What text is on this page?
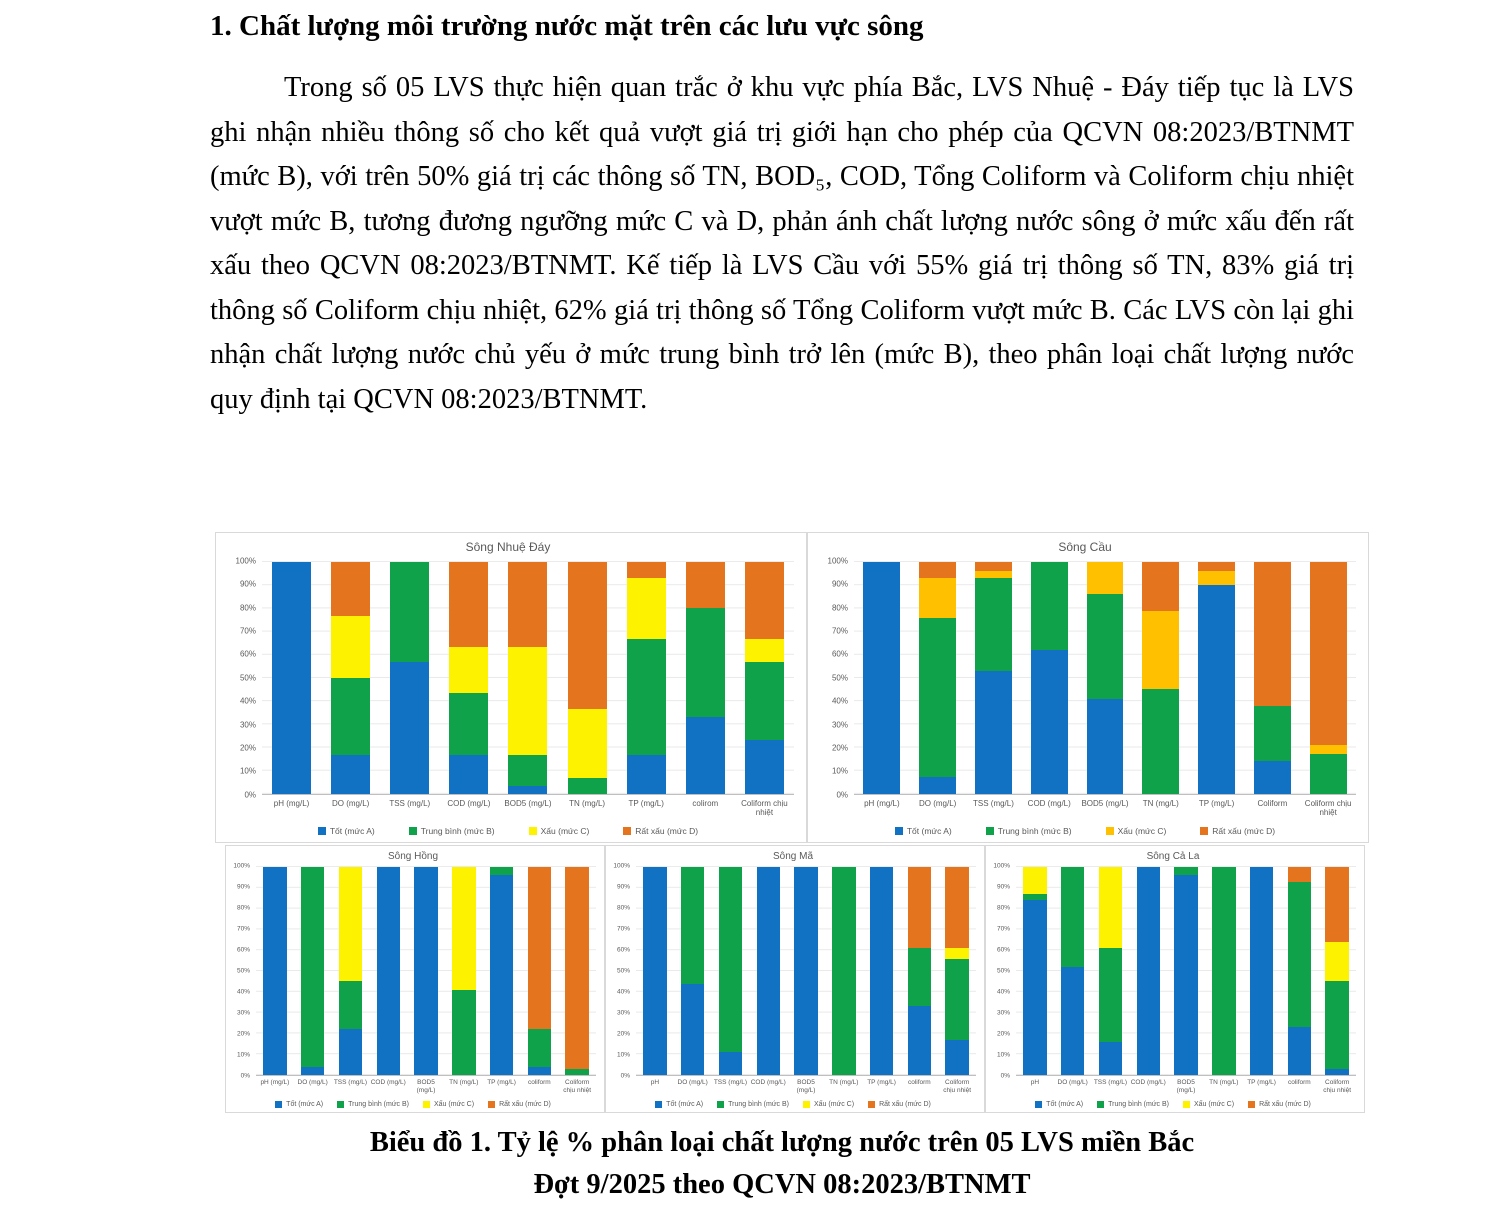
1. Chất lượng môi trường nước mặt trên các lưu vực sông

Trong số 05 LVS thực hiện quan trắc ở khu vực phía Bắc, LVS Nhuệ - Đáy tiếp tục là LVS ghi nhận nhiều thông số cho kết quả vượt giá trị giới hạn cho phép của QCVN 08:2023/BTNMT (mức B), với trên 50% giá trị các thông số TN, BOD₅, COD, Tổng Coliform và Coliform chịu nhiệt vượt mức B, tương đương ngưỡng mức C và D, phản ánh chất lượng nước sông ở mức xấu đến rất xấu theo QCVN 08:2023/BTNMT. Kế tiếp là LVS Cầu với 55% giá trị thông số TN, 83% giá trị thông số Coliform chịu nhiệt, 62% giá trị thông số Tổng Coliform vượt mức B. Các LVS còn lại ghi nhận chất lượng nước chủ yếu ở mức trung bình trở lên (mức B), theo phân loại chất lượng nước quy định tại QCVN 08:2023/BTNMT.

Sông Nhuệ Đáy
0%
10%
20%
30%
40%
50%
60%
70%
80%
90%
100%
pH (mg/L)	DO (mg/L)	TSS (mg/L)	COD (mg/L)	BOD5 (mg/L)	TN (mg/L)	TP (mg/L)	colirom	Coliform chịu nhiệt
Tốt (mức A)	Trung bình (mức B)	Xấu (mức C)	Rất xấu (mức D)
Sông Cầu
0%
10%
20%
30%
40%
50%
60%
70%
80%
90%
100%
pH (mg/L)	DO (mg/L)	TSS (mg/L)	COD (mg/L)	BOD5 (mg/L)	TN (mg/L)	TP (mg/L)	Coliform	Coliform chịu nhiệt
Tốt (mức A)	Trung bình (mức B)	Xấu (mức C)	Rất xấu (mức D)
Sông Hồng
0%
10%
20%
30%
40%
50%
60%
70%
80%
90%
100%
pH (mg/L)	DO (mg/L) TSS (mg/L) COD (mg/L)	BOD5 (mg/L)
TN (mg/L)	TP (mg/L)	coliform	Coliform chịu nhiệt
Tốt (mức A)	Trung bình (mức B)	Xấu (mức C)	Rất xấu (mức D)
Sông Mã
0%
10%
20%
30%
40%
50%
60%
70%
80%
90%
100%
pH	DO (mg/L) TSS (mg/L) COD (mg/L)	BOD5 (mg/L)
TN (mg/L)	TP (mg/L)	coliform	Coliform chịu nhiệt
Tốt (mức A)	Trung bình (mức B)	Xấu (mức C)	Rất xấu (mức D)
Sông Cả La
0%
10%
20%
30%
40%
50%
60%
70%
80%
90%
100%
pH	DO (mg/L) TSS (mg/L) COD (mg/L)	BOD5 (mg/L)
TN (mg/L)	TP (mg/L)	coliform	Coliform chịu nhiệt
Tốt (mức A)	Trung bình (mức B)	Xấu (mức C)	Rất xấu (mức D)
Biểu đồ 1. Tỷ lệ % phân loại chất lượng nước trên 05 LVS miền Bắc
Đợt 9/2025 theo QCVN 08:2023/BTNMT
